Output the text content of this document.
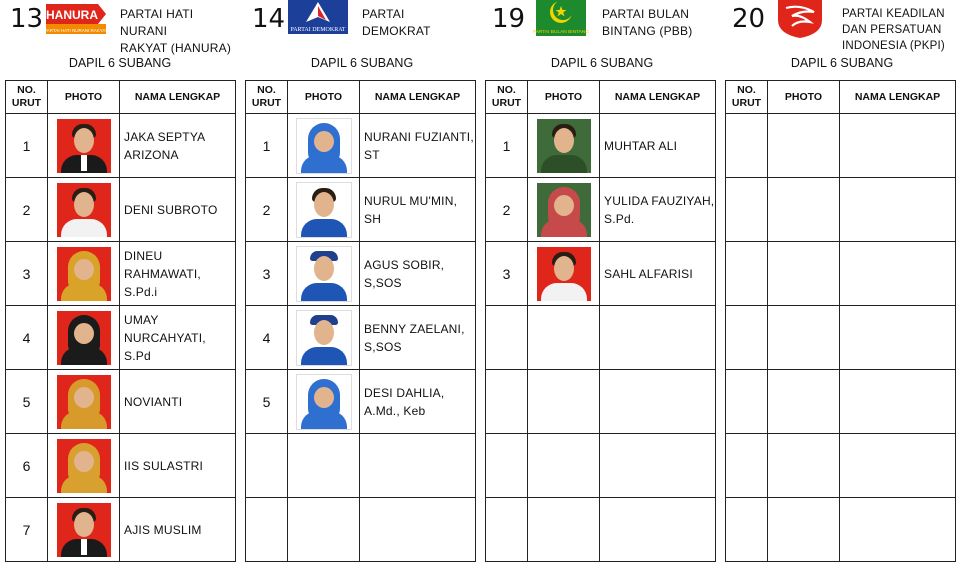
13 HANURA
PARTAI HATI NURANI RAKYAT
PARTAI HATI NURANI
RAKYAT (HANURA)
DAPIL 6 SUBANG
14 PARTAI DEMOKRAT
PARTAI
DEMOKRAT
DAPIL 6 SUBANG
19 PARTAI BULAN BINTANG
PARTAI BULAN
BINTANG (PBB)
DAPIL 6 SUBANG
20	PARTAI KEADILAN
DAN PERSATUAN
INDONESIA (PKPI)
DAPIL 6 SUBANG
NO.
URUT	PHOTO	NAMA LENGKAP
1		JAKA SEPTYA ARIZONA
2		DENI SUBROTO
3		DINEU RAHMAWATI, S.Pd.i
4		UMAY NURCAHYATI, S.Pd
5		NOVIANTI
6		IIS SULASTRI
7		AJIS MUSLIM
NO.
URUT	PHOTO	NAMA LENGKAP
1		NURANI FUZIANTI, ST
2		NURUL MU'MIN, SH
3		AGUS SOBIR, S,SOS
4		BENNY ZAELANI, S,SOS
5		DESI DAHLIA, A.Md., Keb

NO.
URUT	PHOTO	NAMA LENGKAP
1		MUHTAR ALI
2		YULIDA FAUZIYAH, S.Pd.
3		SAHL ALFARISI

NO.
URUT	PHOTO	NAMA LENGKAP
